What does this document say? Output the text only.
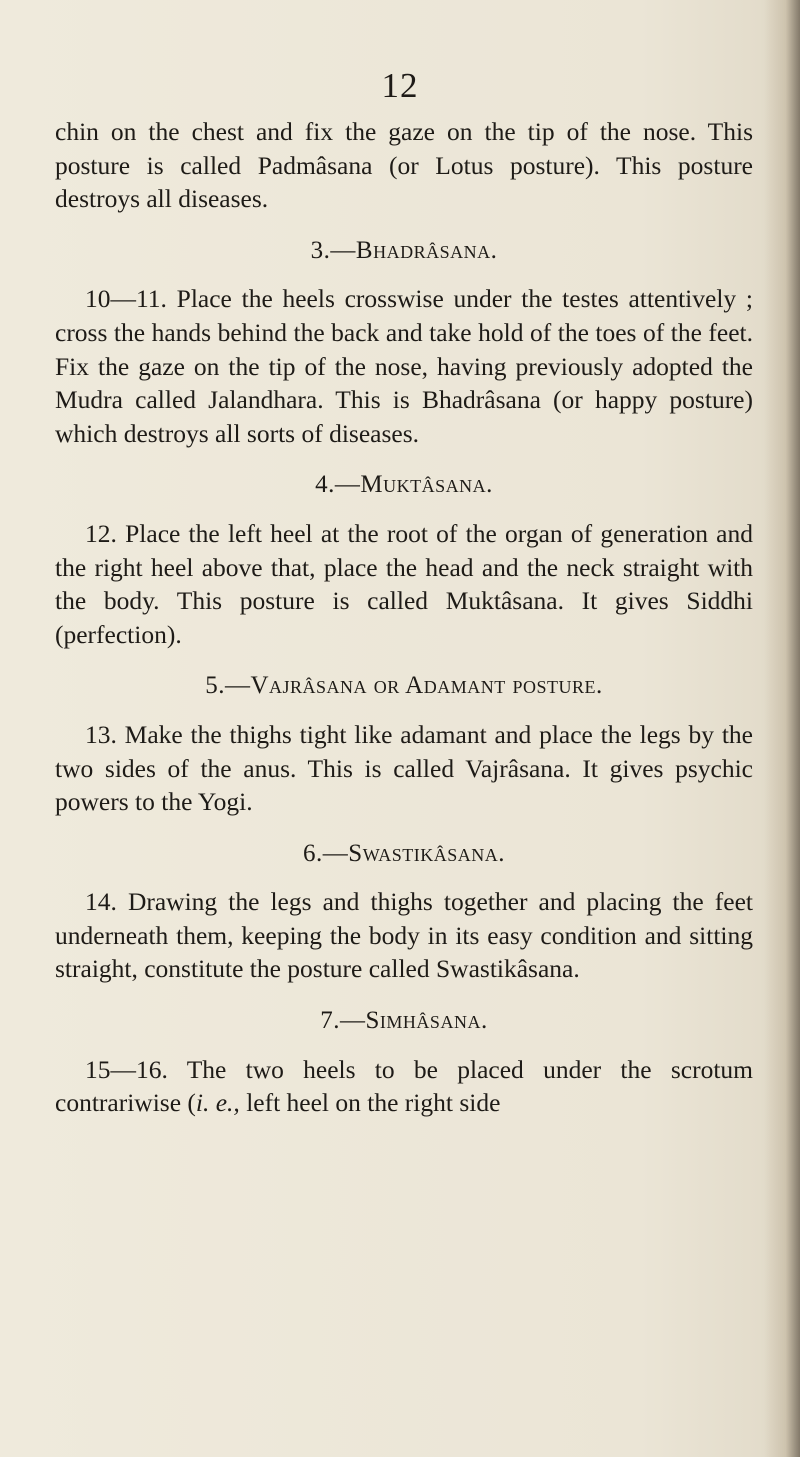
12

chin on the chest and fix the gaze on the tip of the nose. This posture is called Padmâsana (or Lotus posture). This posture destroys all diseases.

3.—Bhadrâsana.

10—11. Place the heels crosswise under the testes attentively ; cross the hands behind the back and take hold of the toes of the feet. Fix the gaze on the tip of the nose, having previously adopted the Mudra called Jalandhara. This is Bhadrâsana (or happy posture) which destroys all sorts of diseases.

4.—Muktâsana.

12. Place the left heel at the root of the organ of generation and the right heel above that, place the head and the neck straight with the body. This posture is called Muktâsana. It gives Siddhi (perfection).

5.—Vajrâsana or Adamant posture.

13. Make the thighs tight like adamant and place the legs by the two sides of the anus. This is called Vajrâsana. It gives psychic powers to the Yogi.

6.—Swastikâsana.

14. Drawing the legs and thighs together and placing the feet underneath them, keeping the body in its easy condition and sitting straight, constitute the posture called Swastikâsana.

7.—Simhâsana.

15—16. The two heels to be placed under the scrotum contrariwise (i. e., left heel on the right side
